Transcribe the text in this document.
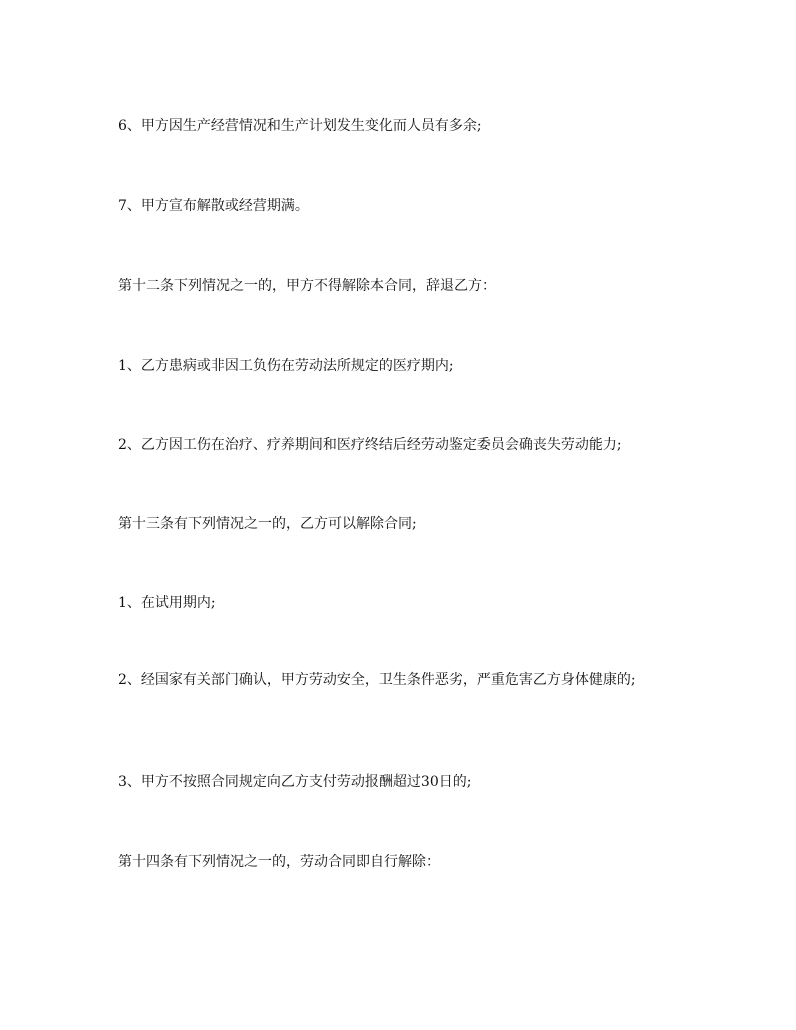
6、甲方因生产经营情况和生产计划发生变化而人员有多余;

7、甲方宣布解散或经营期满。

第十二条下列情况之一的，甲方不得解除本合同，辞退乙方：

1、乙方患病或非因工负伤在劳动法所规定的医疗期内;

2、乙方因工伤在治疗、疗养期间和医疗终结后经劳动鉴定委员会确丧失劳动能力;

第十三条有下列情况之一的，乙方可以解除合同;

1、在试用期内;

2、经国家有关部门确认，甲方劳动安全，卫生条件恶劣，严重危害乙方身体健康的;

3、甲方不按照合同规定向乙方支付劳动报酬超过30日的;

第十四条有下列情况之一的，劳动合同即自行解除：
